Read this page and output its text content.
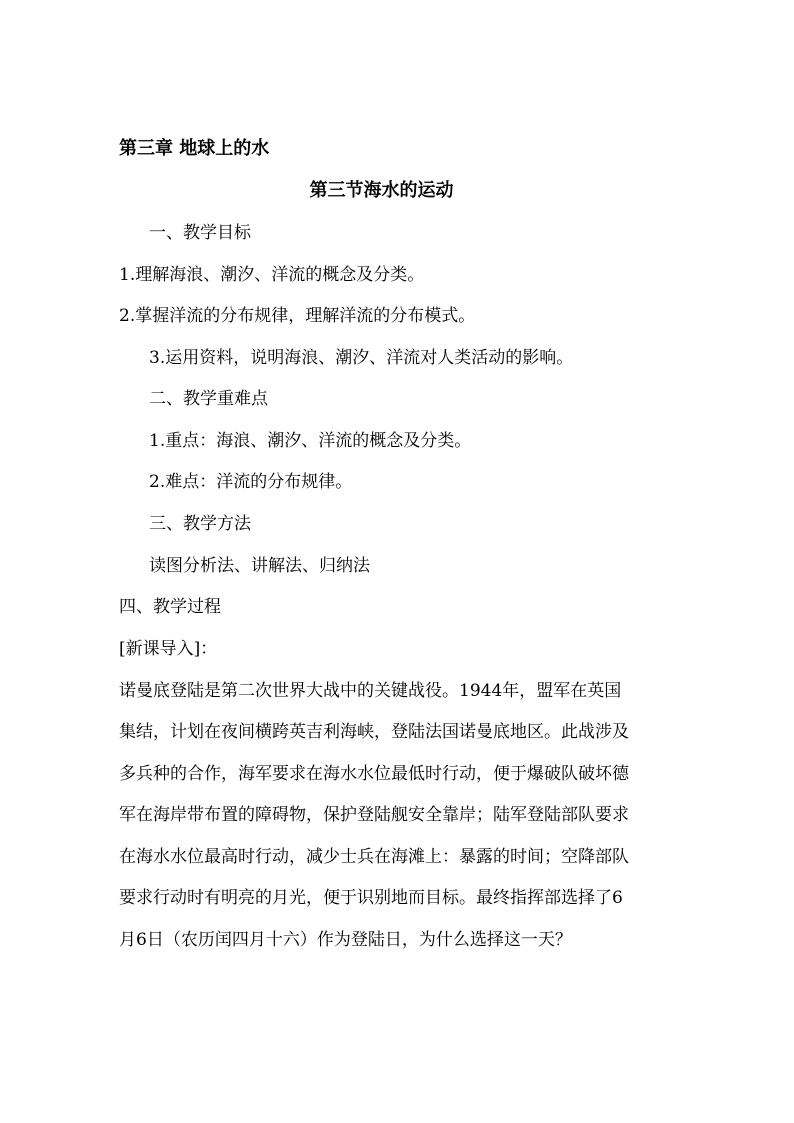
第三章 地球上的水
第三节海水的运动
一、教学目标
1.理解海浪、潮汐、洋流的概念及分类。
2.掌握洋流的分布规律，理解洋流的分布模式。
3.运用资料，说明海浪、潮汐、洋流对人类活动的影响。
二、教学重难点
1.重点：海浪、潮汐、洋流的概念及分类。
2.难点：洋流的分布规律。
三、教学方法
读图分析法、讲解法、归纳法
四、教学过程
[新课导入]：
诺曼底登陆是第二次世界大战中的关键战役。1944年，盟军在英国
集结，计划在夜间横跨英吉利海峡，登陆法国诺曼底地区。此战涉及
多兵种的合作，海军要求在海水水位最低时行动，便于爆破队破坏德
军在海岸带布置的障碍物，保护登陆舰安全靠岸；陆军登陆部队要求
在海水水位最高时行动，减少士兵在海滩上：暴露的时间；空降部队
要求行动时有明亮的月光，便于识别地而目标。最终指挥部选择了6
月6日（农历闰四月十六）作为登陆日，为什么选择这一天？
